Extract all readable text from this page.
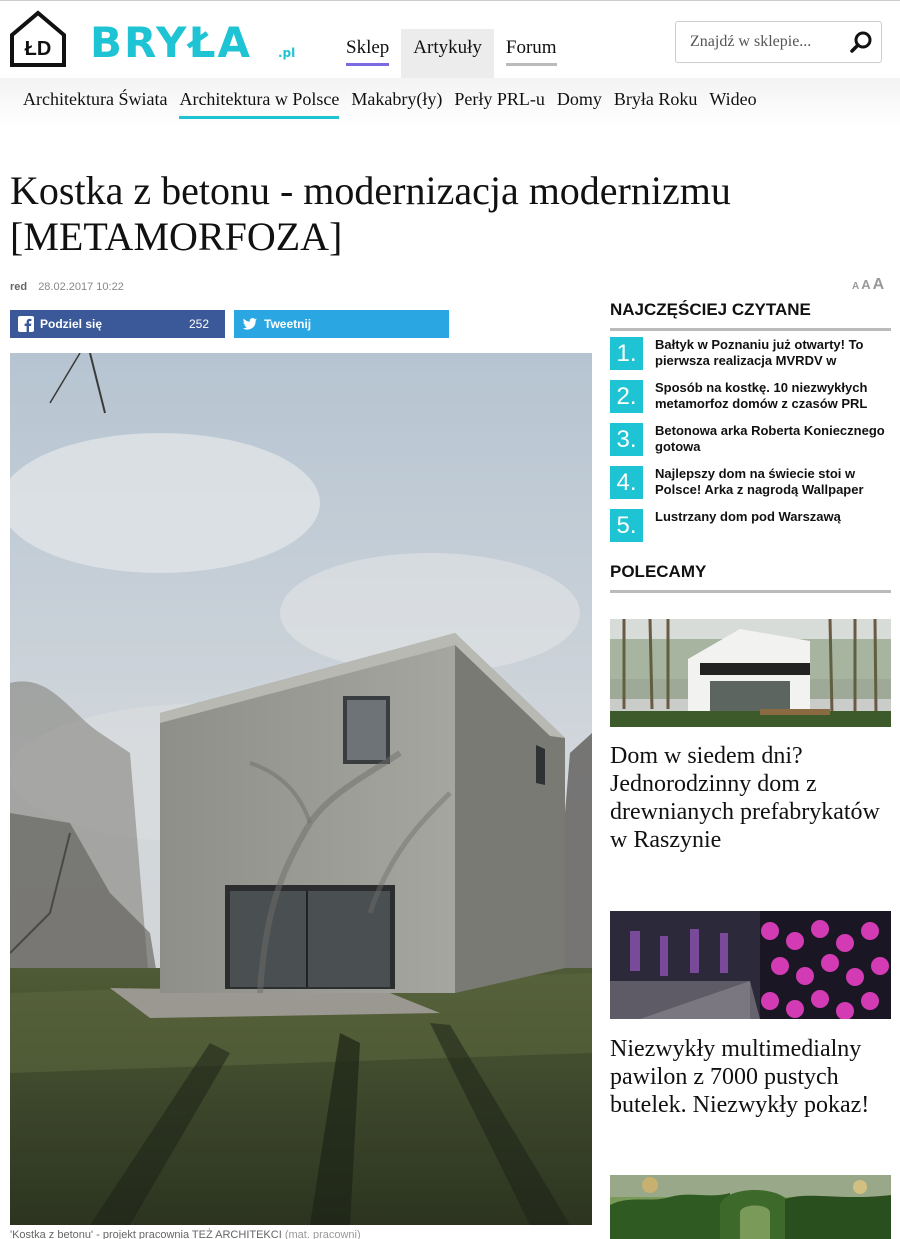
ŁD BRYŁA .pl	Sklep	Artykuły	Forum
Znajdź w sklepie...
Architektura Świata Architektura w Polsce Makabry(ły) Perły PRL-u Domy Bryła Roku Wideo
Kostka z betonu - modernizacja modernizmu [METAMORFOZA]
red 28.02.2017 10:22	A A A
Podziel się	252	Tweetnij
'Kostka z betonu' - projekt pracownia TEŻ ARCHITEKCI (mat. pracowni)
NAJCZĘŚCIEJ CZYTANE
1.	Bałtyk w Poznaniu już otwarty! To pierwsza realizacja MVRDV w
2.	Sposób na kostkę. 10 niezwykłych metamorfoz domów z czasów PRL
3.	Betonowa arka Roberta Koniecznego gotowa
4.	Najlepszy dom na świecie stoi w Polsce! Arka z nagrodą Wallpaper
5.	Lustrzany dom pod Warszawą
POLECAMY
Dom w siedem dni? Jednorodzinny dom z drewnianych prefabrykatów w Raszynie
Niezwykły multimedialny pawilon z 7000 pustych butelek. Niezwykły pokaz!
